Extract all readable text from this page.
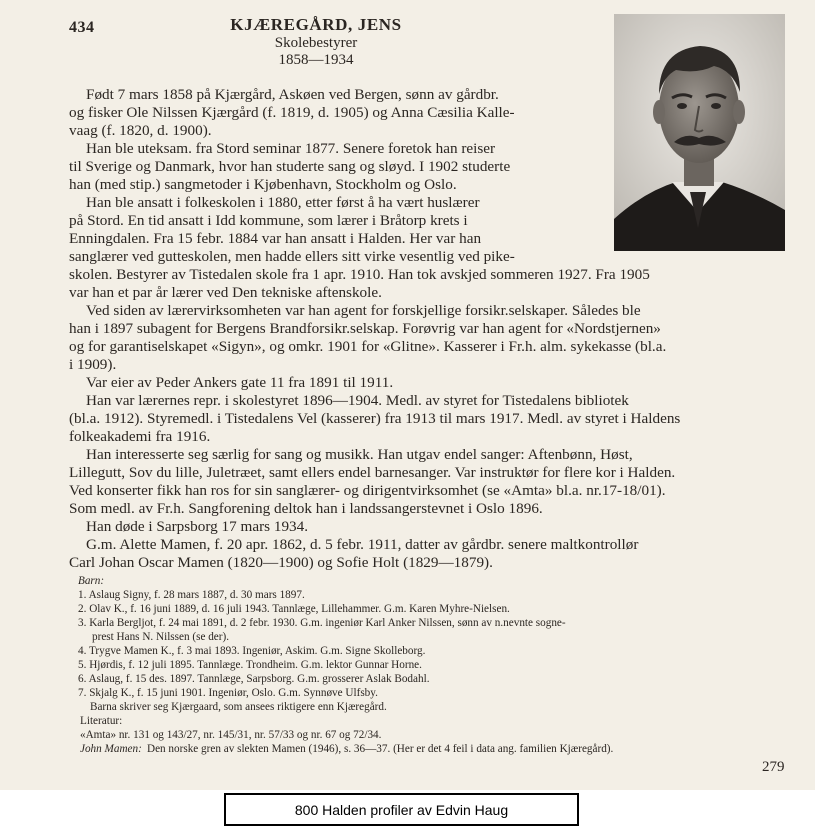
434	KJÆREGÅRD, JENS
Skolebestyrer
1858—1934
Født 7 mars 1858 på Kjærgård, Askøen ved Bergen, sønn av gårdbr.
og fisker Ole Nilssen Kjærgård (f. 1819, d. 1905) og Anna Cæsilia Kalle-
vaag (f. 1820, d. 1900).
Han ble uteksam. fra Stord seminar 1877. Senere foretok han reiser
til Sverige og Danmark, hvor han studerte sang og sløyd. I 1902 studerte
han (med stip.) sangmetoder i Kjøbenhavn, Stockholm og Oslo.
Han ble ansatt i folkeskolen i 1880, etter først å ha vært huslærer
på Stord. En tid ansatt i Idd kommune, som lærer i Bråtorp krets i
Enningdalen. Fra 15 febr. 1884 var han ansatt i Halden. Her var han
sanglærer ved gutteskolen, men hadde ellers sitt virke vesentlig ved pike-
skolen. Bestyrer av Tistedalen skole fra 1 apr. 1910. Han tok avskjed sommeren 1927. Fra 1905
var han et par år lærer ved Den tekniske aftenskole.
Ved siden av lærervirksomheten var han agent for forskjellige forsikr.selskaper. Således ble
han i 1897 subagent for Bergens Brandforsikr.selskap. Forøvrig var han agent for «Nordstjernen»
og for garantiselskapet «Sigyn», og omkr. 1901 for «Glitne». Kasserer i Fr.h. alm. sykekasse (bl.a.
i 1909).
Var eier av Peder Ankers gate 11 fra 1891 til 1911.
Han var lærernes repr. i skolestyret 1896—1904. Medl. av styret for Tistedalens bibliotek
(bl.a. 1912). Styremedl. i Tistedalens Vel (kasserer) fra 1913 til mars 1917. Medl. av styret i Haldens
folkeakademi fra 1916.
Han interesserte seg særlig for sang og musikk. Han utgav endel sanger: Aftenbønn, Høst,
Lillegutt, Sov du lille, Juletræet, samt ellers endel barnesanger. Var instruktør for flere kor i Halden.
Ved konserter fikk han ros for sin sanglærer- og dirigentvirksomhet (se «Amta» bl.a. nr.17-18/01).
Som medl. av Fr.h. Sangforening deltok han i landssangerstevnet i Oslo 1896.
Han døde i Sarpsborg 17 mars 1934.
G.m. Alette Mamen, f. 20 apr. 1862, d. 5 febr. 1911, datter av gårdbr. senere maltkontrollør
Carl Johan Oscar Mamen (1820—1900) og Sofie Holt (1829—1879).
Barn:
1. Aslaug Signy, f. 28 mars 1887, d. 30 mars 1897.
2. Olav K., f. 16 juni 1889, d. 16 juli 1943. Tannlæge, Lillehammer. G.m. Karen Myhre-Nielsen.
3. Karla Bergljot, f. 24 mai 1891, d. 2 febr. 1930. G.m. ingeniør Karl Anker Nilssen, sønn av n.nevnte sogne-
prest Hans N. Nilssen (se der).
4. Trygve Mamen K., f. 3 mai 1893. Ingeniør, Askim. G.m. Signe Skolleborg.
5. Hjørdis, f. 12 juli 1895. Tannlæge. Trondheim. G.m. lektor Gunnar Horne.
6. Aslaug, f. 15 des. 1897. Tannlæge, Sarpsborg. G.m. grosserer Aslak Bodahl.
7. Skjalg K., f. 15 juni 1901. Ingeniør, Oslo. G.m. Synnøve Ulfsby.
Barna skriver seg Kjærgaard, som ansees riktigere enn Kjæregård.
Literatur:
«Amta» nr. 131 og 143/27, nr. 145/31, nr. 57/33 og nr. 67 og 72/34.
John Mamen: Den norske gren av slekten Mamen (1946), s. 36—37. (Her er det 4 feil i data ang. familien Kjæregård).
279
800 Halden profiler av Edvin Haug
